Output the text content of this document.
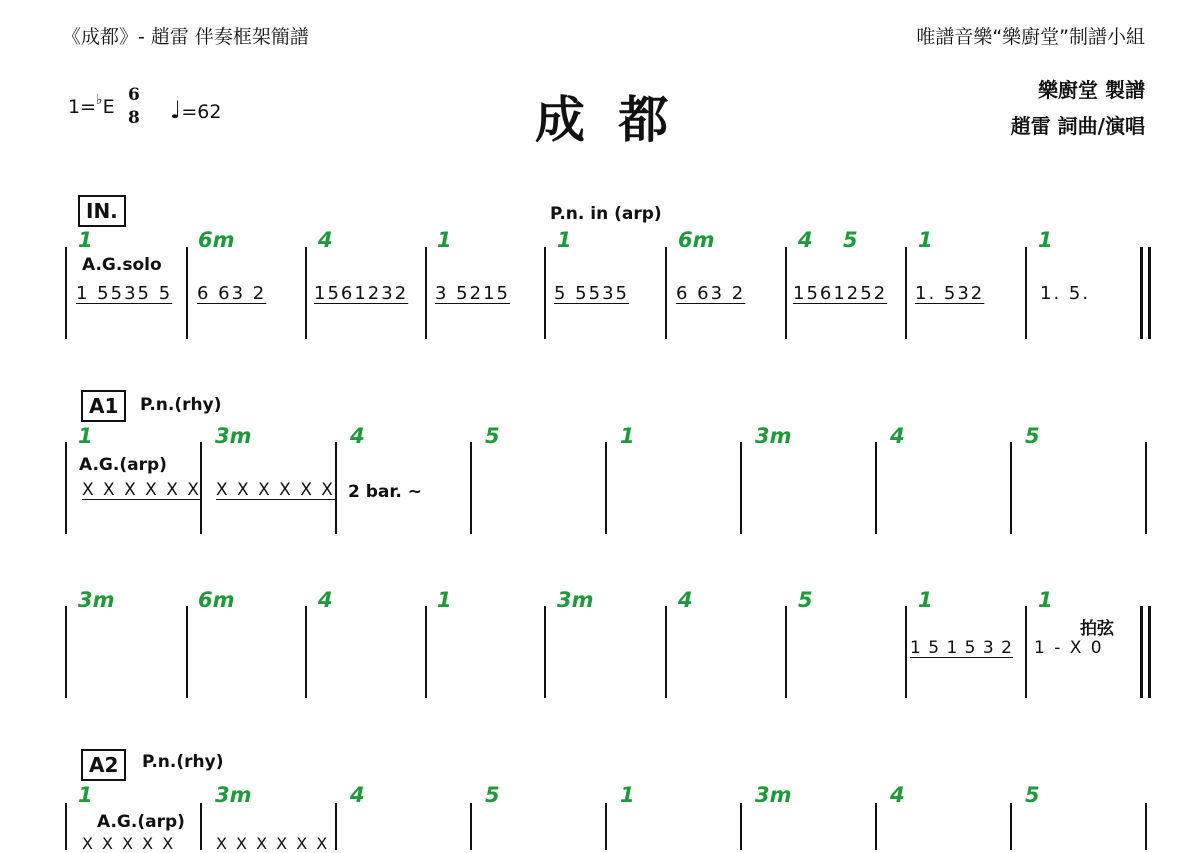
《成都》- 趙雷 伴奏框架簡譜	唯譜音樂“樂廚堂”制譜小組
成 都
樂廚堂 製譜
趙雷 詞曲/演唱
1=♭E
6
8 ♩=62
IN.	P.n. in (arp)
A.G.solo
1	6m	4	1	1	6m	4 5	1	1
1 5535 5 6 63 2	1561232 3 5215 5 5535	6 63 2	1561252 1. 532	1. 5.
A1	P.n.(rhy)
A.G.(arp)
1	3m	4	5	1	3m	4	5
X X X X X X X X X X X X 2 bar. ~
3m	6m	4	1	3m	4	5	1	1
拍弦
1 5 1 5 3 2 1 - X 0
A2	P.n.(rhy)
A.G.(arp)
1	3m	4	5	1	3m	4	5
X X X X X	X X X X X X
